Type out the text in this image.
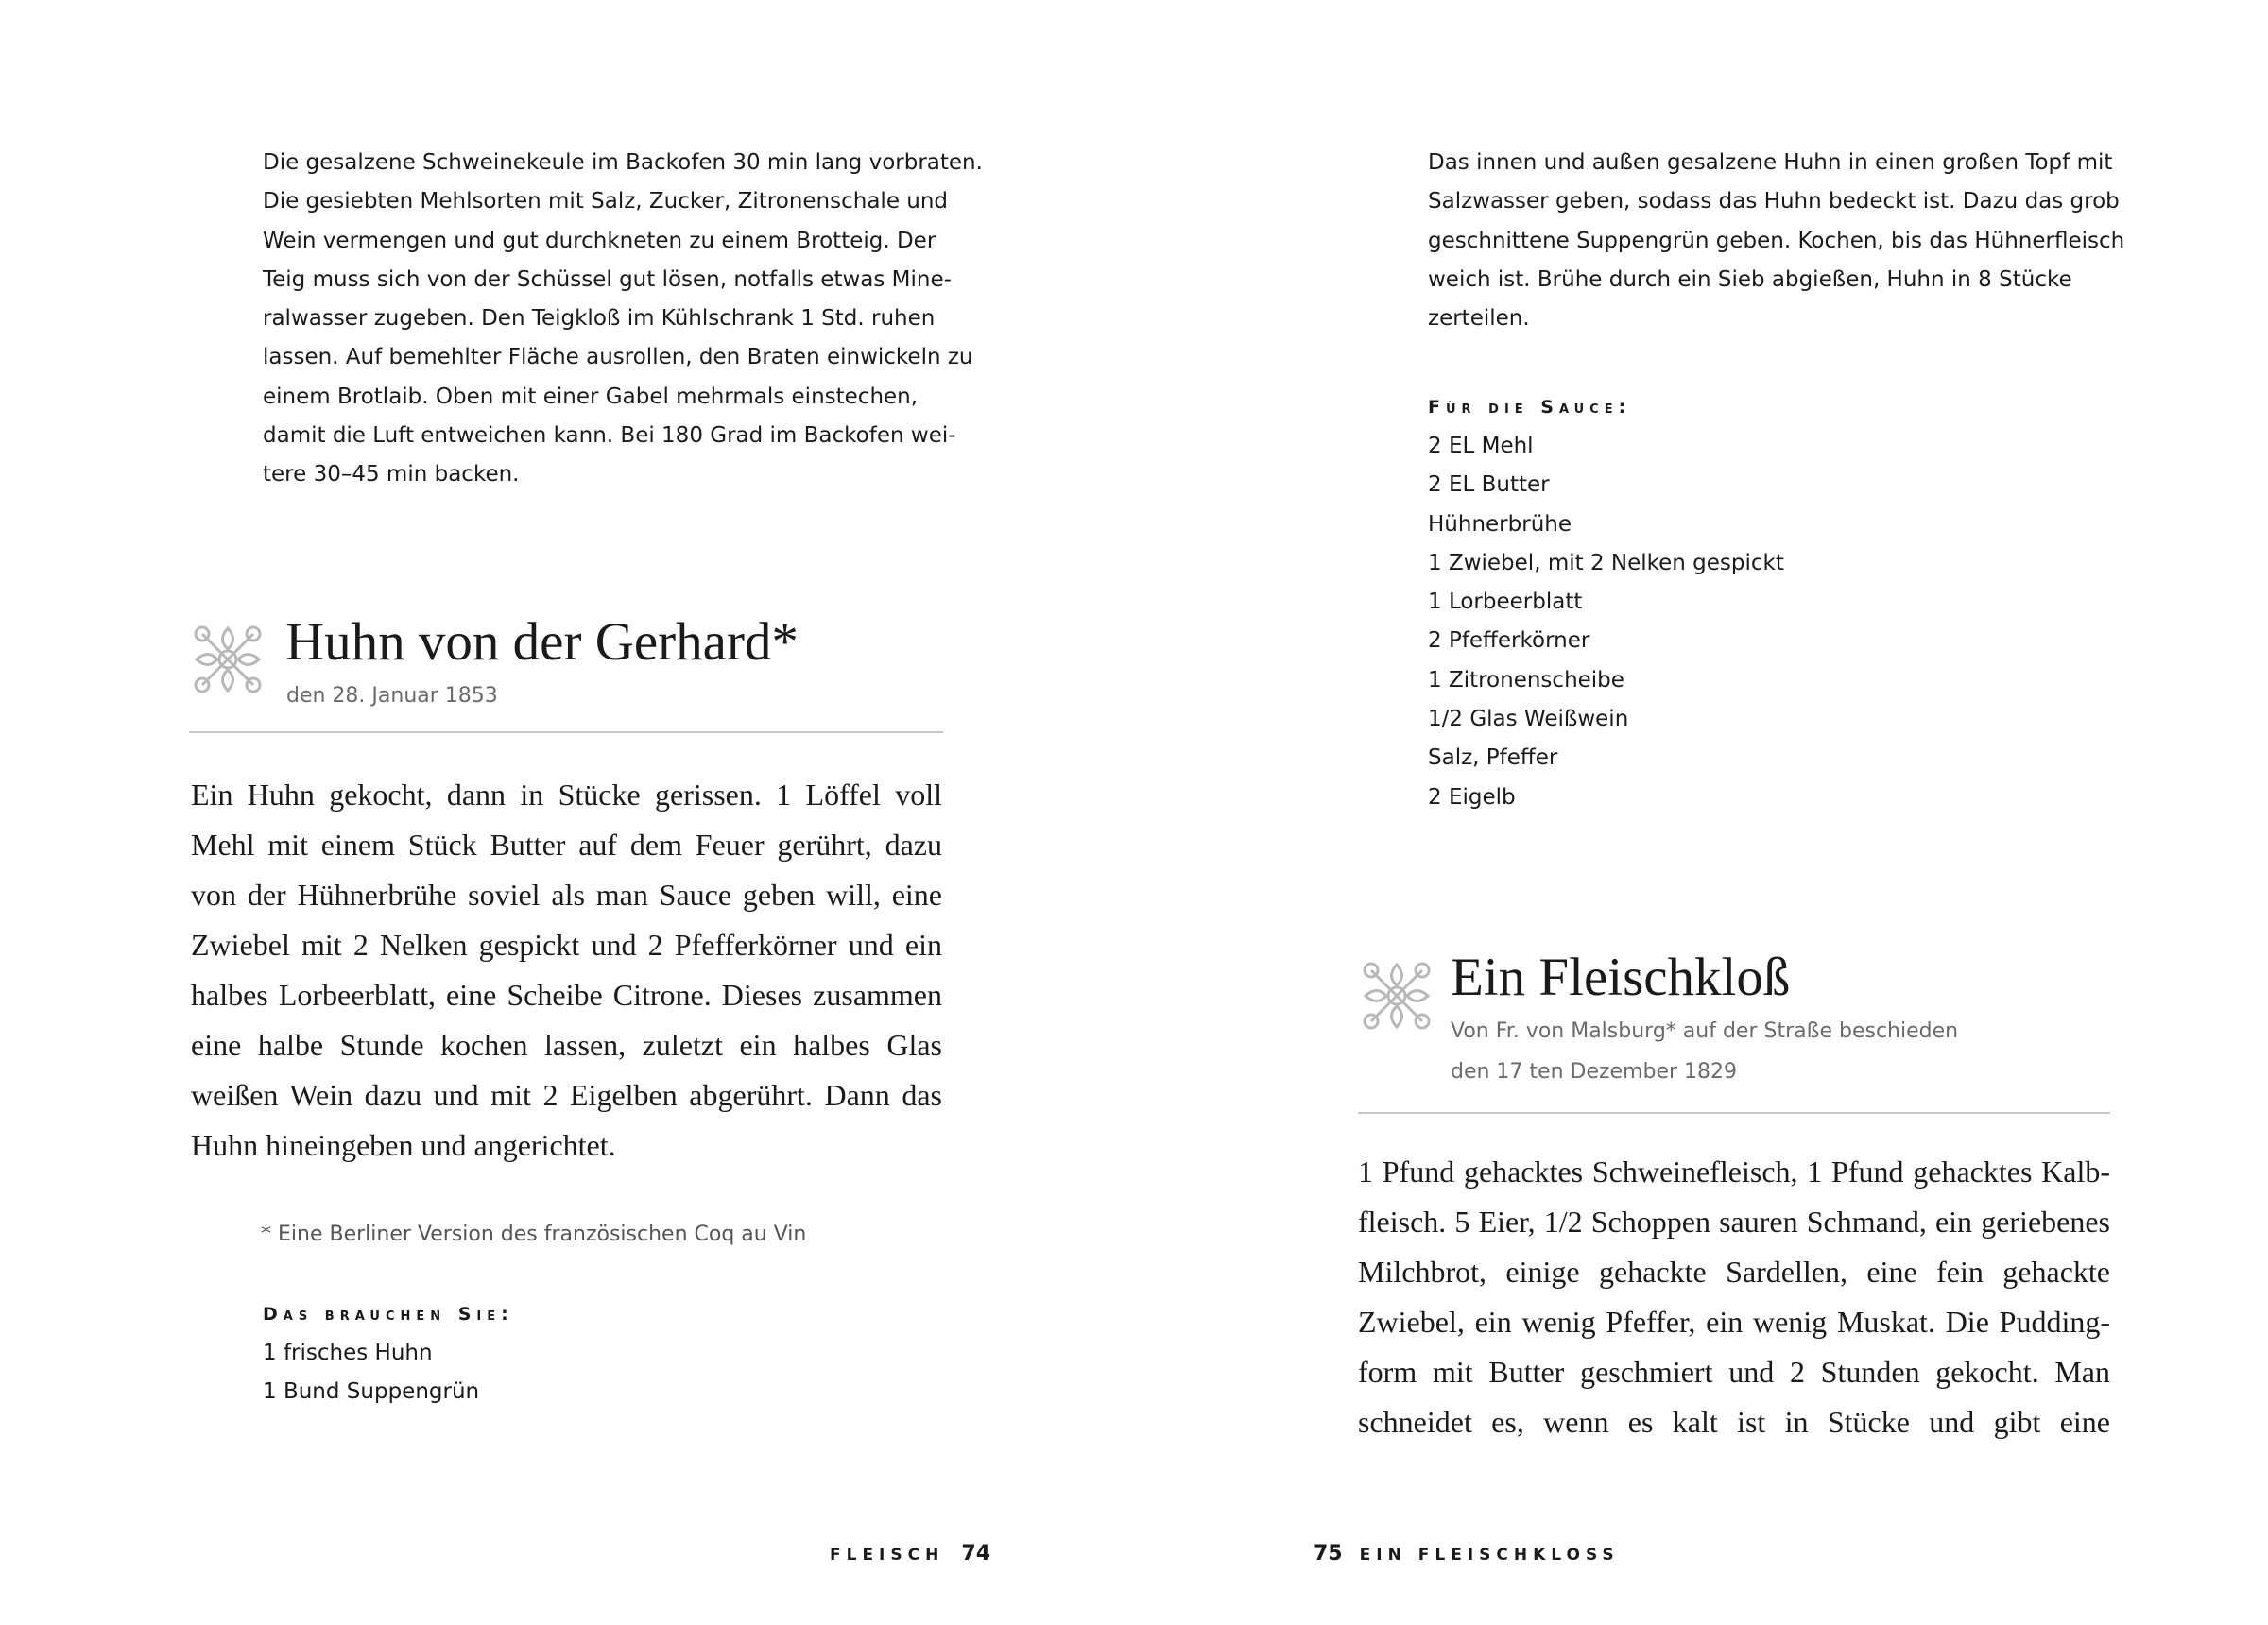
Die gesalzene Schweinekeule im Backofen 30 min lang vorbraten.
Die gesiebten Mehlsorten mit Salz, Zucker, Zitronenschale und
Wein vermengen und gut durchkneten zu einem Brotteig. Der
Teig muss sich von der Schüssel gut lösen, notfalls etwas Mine-
ralwasser zugeben. Den Teigkloß im Kühlschrank 1 Std. ruhen
lassen. Auf bemehlter Fläche ausrollen, den Braten einwickeln zu
einem Brotlaib. Oben mit einer Gabel mehrmals einstechen,
damit die Luft entweichen kann. Bei 180 Grad im Backofen wei-
tere 30–45 min backen.
Huhn von der Gerhard*
den 28. Januar 1853
Ein Huhn gekocht, dann in Stücke gerissen. 1 Löffel voll
Mehl mit einem Stück Butter auf dem Feuer gerührt, dazu
von der Hühnerbrühe soviel als man Sauce geben will, eine
Zwiebel mit 2 Nelken gespickt und 2 Pfefferkörner und ein
halbes Lorbeerblatt, eine Scheibe Citrone. Dieses zusammen
eine halbe Stunde kochen lassen, zuletzt ein halbes Glas
weißen Wein dazu und mit 2 Eigelben abgerührt. Dann das
Huhn hineingeben und angerichtet.
* Eine Berliner Version des französischen Coq au Vin
Das brauchen Sie:
1 frisches Huhn
1 Bund Suppengrün
FLEISCH 74
Das innen und außen gesalzene Huhn in einen großen Topf mit
Salzwasser geben, sodass das Huhn bedeckt ist. Dazu das grob
geschnittene Suppengrün geben. Kochen, bis das Hühnerfleisch
weich ist. Brühe durch ein Sieb abgießen, Huhn in 8 Stücke
zerteilen.
Für die Sauce:
2 EL Mehl
2 EL Butter
Hühnerbrühe
1 Zwiebel, mit 2 Nelken gespickt
1 Lorbeerblatt
2 Pfefferkörner
1 Zitronenscheibe
1/2 Glas Weißwein
Salz, Pfeffer
2 Eigelb
Ein Fleischkloß
Von Fr. von Malsburg* auf der Straße beschieden
den 17 ten Dezember 1829
1 Pfund gehacktes Schweinefleisch, 1 Pfund gehacktes Kalb-
fleisch. 5 Eier, 1/2 Schoppen sauren Schmand, ein geriebenes
Milchbrot, einige gehackte Sardellen, eine fein gehackte
Zwiebel, ein wenig Pfeffer, ein wenig Muskat. Die Pudding-
form mit Butter geschmiert und 2 Stunden gekocht. Man
schneidet es, wenn es kalt ist in Stücke und gibt eine
75 EIN FLEISCHKLOSS
